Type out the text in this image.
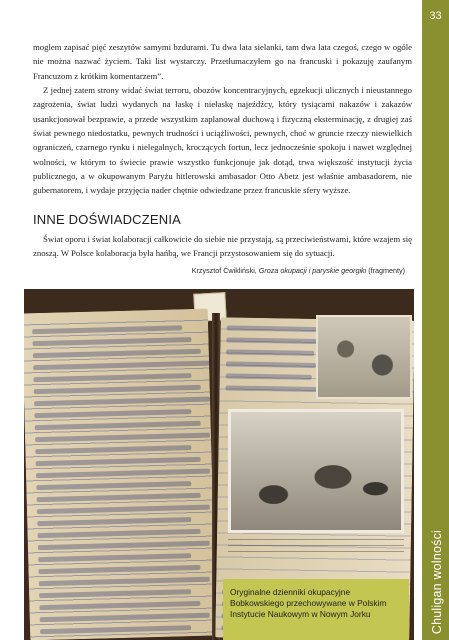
33
Chuligan wolności

moglem zapisać pięć zeszytów samymi bzdurami. Tu dwa lata sielanki, tam dwa lata czegoś, czego w ogóle nie można nazwać życiem. Taki list wystarczy. Przetłumaczyłem go na francuski i pokazuję zaufanym Francuzom z krótkim komentarzem”.

Z jednej zatem strony widać świat terroru, obozów koncentracyjnych, egzekucji ulicznych i nieustannego zagrożenia, świat ludzi wydanych na łaskę i niełaskę najeźdźcy, który tysiącami nakazów i zakazów usankcjonował bezprawie, a przede wszystkim zaplanował duchową i fizyczną eksterminację, z drugiej zaś świat pewnego niedostatku, pewnych trudności i uciążliwości, pewnych, choć w gruncie rzeczy niewielkich ograniczeń, czarnego rynku i nielegalnych, kroczących fortun, lecz jednocześnie spokoju i nawet względnej wolności, w którym to świecie prawie wszystko funkcjonuje jak dotąd, trwa większość instytucji życia publicznego, a w okupowanym Paryżu hitlerowski ambasador Otto Abetz jest właśnie ambasadorem, nie gubernatorem, i wydaje przyjęcia nader chętnie odwiedzane przez francuskie sfery wyższe.

INNE DOŚWIADCZENIA

Świat oporu i świat kolaboracji całkowicie do siebie nie przystają, są przeciwieństwami, które wzajem się znoszą. W Polsce kolaboracja była hańbą, we Francji przystosowaniem się do sytuacji.

Krzysztof Ćwikliński, Groza okupacji i paryskie georgiki (fragmenty)
Oryginalne dzienniki okupacyjne Bobkowskiego przechowywane w Polskim Instytucie Naukowym w Nowym Jorku
